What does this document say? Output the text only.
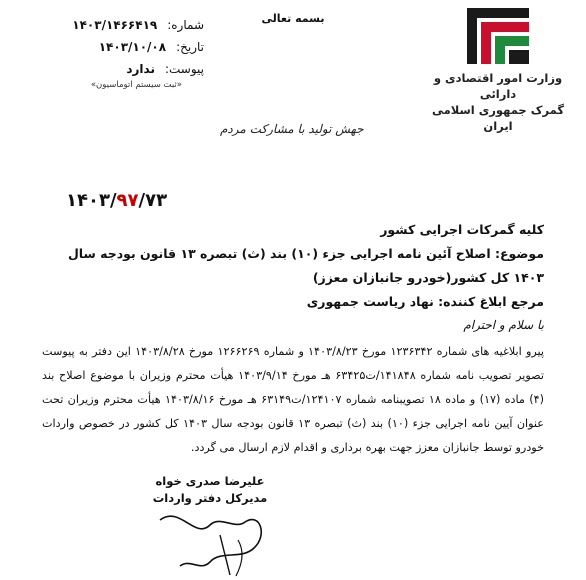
بسمه تعالی
وزارت امور اقتصادی و دارائی
گمرک جمهوری اسلامی ایران
شماره:
۱۴۰۳/۱۴۶۶۴۱۹
تاریخ:
۱۴۰۳/۱۰/۰۸
پیوست:
ندارد
«ثبت سیستم اتوماسیون»
جهش تولید با مشارکت مردم
۱۴۰۳/۹۷/۷۳
کلیه گمرکات اجرایی کشور
موضوع: اصلاح آئین نامه اجرایی جزء (۱۰) بند (ث) تبصره ۱۳ قانون بودجه سال ۱۴۰۳ کل کشور(خودرو جانبازان معزز)
مرجع ابلاغ کننده: نهاد ریاست جمهوری
با سلام و احترام
پیرو ابلاغیه های شماره ۱۲۳۶۳۴۲ مورخ ۱۴۰۳/۸/۲۳ و شماره ۱۲۶۶۲۶۹ مورخ ۱۴۰۳/۸/۲۸ این دفتر به پیوست تصویر تصویب نامه شماره ۱۴۱۸۴۸/ت۶۳۴۲۵ هـ مورخ ۱۴۰۳/۹/۱۴ هیأت محترم وزیران با موضوع اصلاح بند (۴) ماده (۱۷) و ماده ۱۸ تصویبنامه شماره ۱۲۴۱۰۷/ت۶۳۱۴۹ هـ مورخ ۱۴۰۳/۸/۱۶ هیأت محترم وزیران تحت عنوان آیین نامه اجرایی جزء (۱۰) بند (ث) تبصره ۱۳ قانون بودجه سال ۱۴۰۳ کل کشور در خصوص واردات خودرو توسط جانبازان معزز جهت بهره برداری و اقدام لازم ارسال می گردد.
علیرضا صدری خواه
مدیرکل دفتر واردات
